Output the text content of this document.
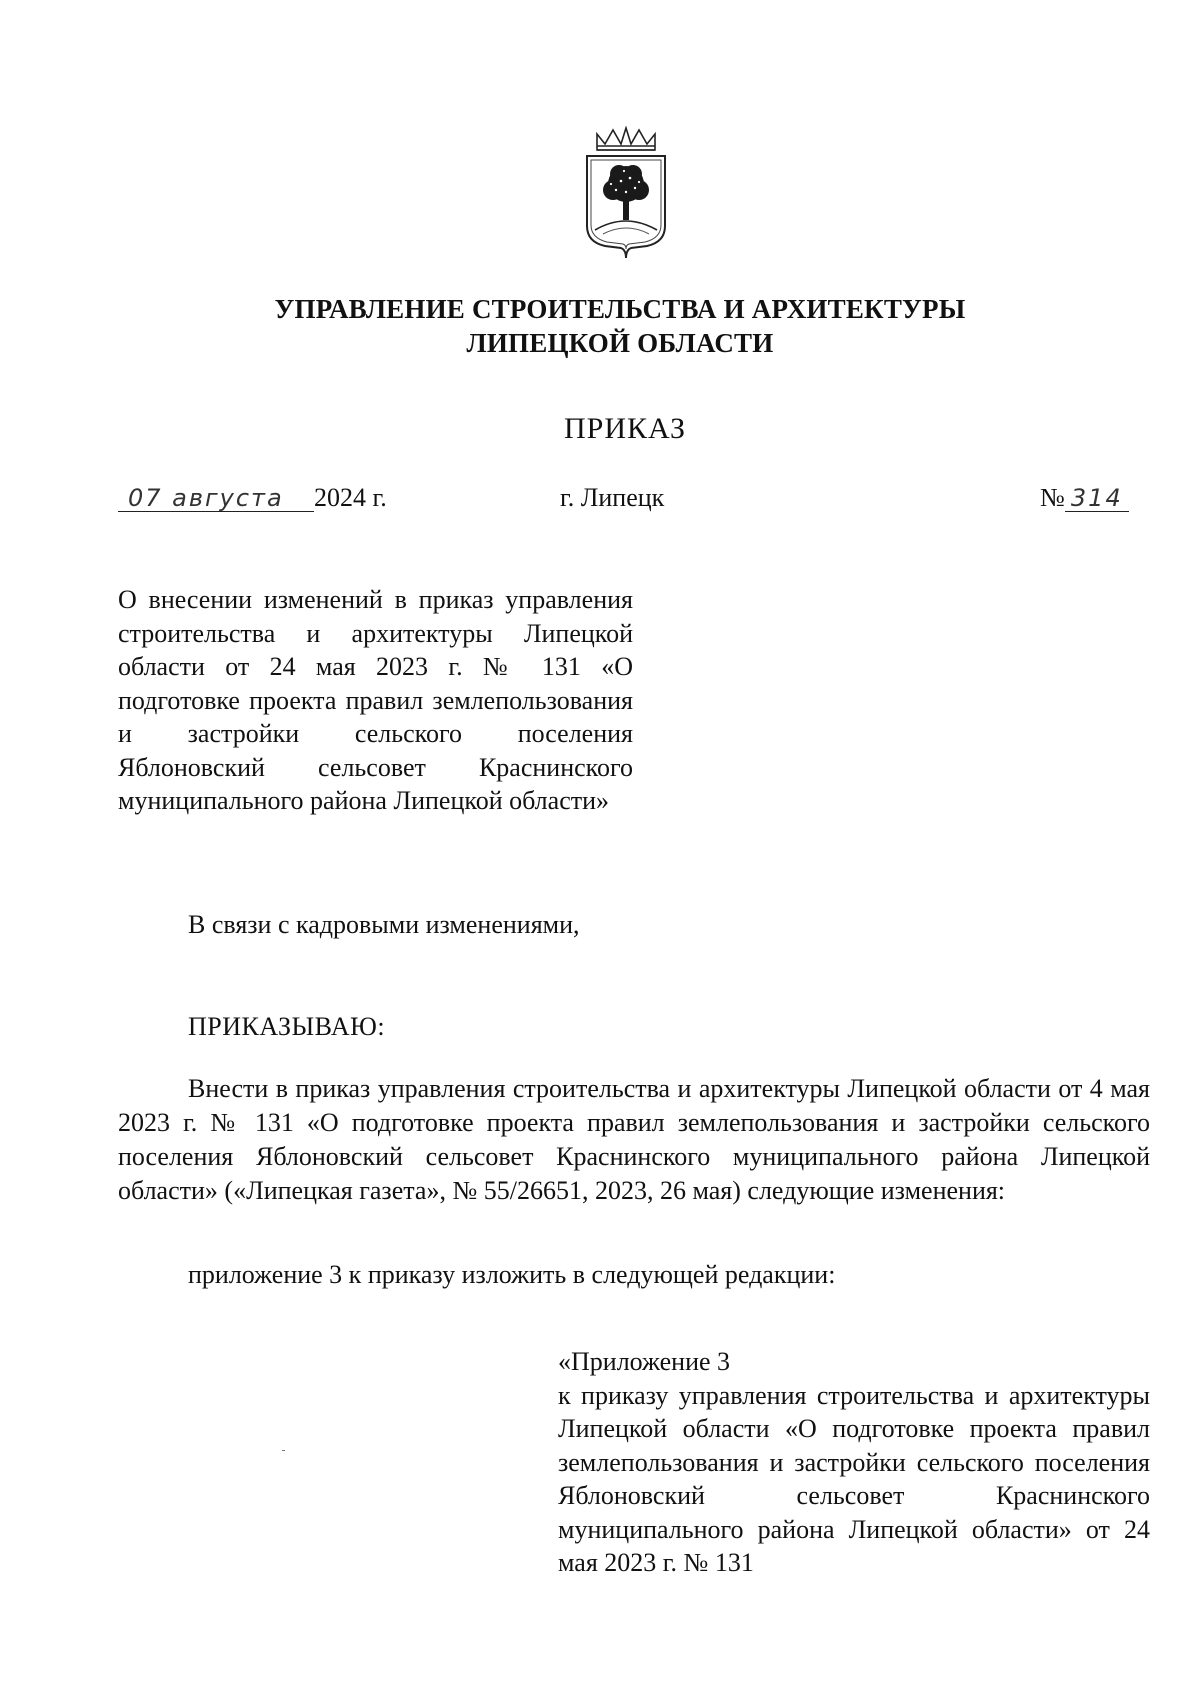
УПРАВЛЕНИЕ СТРОИТЕЛЬСТВА И АРХИТЕКТУРЫ
ЛИПЕЦКОЙ ОБЛАСТИ
ПРИКАЗ
07 августа 2024 г.	г. Липецк	№ 314
О внесении изменений в приказ управления строительства и архитектуры Липецкой области от 24 мая 2023 г. № 131 «О подготовке проекта правил землепользования и застройки сельского поселения Яблоновский сельсовет Краснинского муниципального района Липецкой области»
В связи с кадровыми изменениями,
ПРИКАЗЫВАЮ:
Внести в приказ управления строительства и архитектуры Липецкой области от 4 мая 2023 г. № 131 «О подготовке проекта правил землепользования и застройки сельского поселения Яблоновский сельсовет Краснинского муниципального района Липецкой области» («Липецкая газета», № 55/26651, 2023, 26 мая) следующие изменения:
приложение 3 к приказу изложить в следующей редакции:
«Приложение 3
к приказу управления строительства и архитектуры Липецкой области «О подготовке проекта правил землепользования и застройки сельского поселения Яблоновский сельсовет Краснинского муниципального района Липецкой области» от 24 мая 2023 г. № 131
